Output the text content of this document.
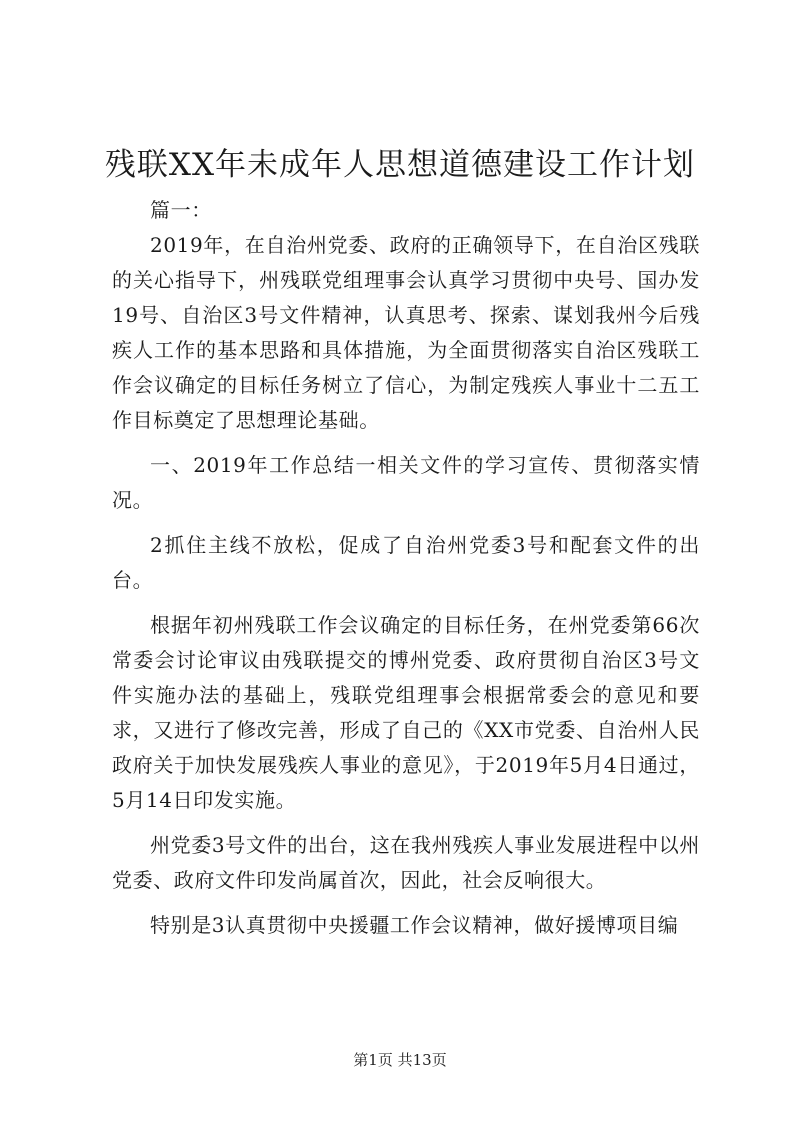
残联XX年未成年人思想道德建设工作计划

篇一：

2019年，在自治州党委、政府的正确领导下，在自治区残联的关心指导下，州残联党组理事会认真学习贯彻中央号、国办发19号、自治区3号文件精神，认真思考、探索、谋划我州今后残疾人工作的基本思路和具体措施，为全面贯彻落实自治区残联工作会议确定的目标任务树立了信心，为制定残疾人事业十二五工作目标奠定了思想理论基础。

一、2019年工作总结一相关文件的学习宣传、贯彻落实情况。

2抓住主线不放松，促成了自治州党委3号和配套文件的出台。

根据年初州残联工作会议确定的目标任务，在州党委第66次常委会讨论审议由残联提交的博州党委、政府贯彻自治区3号文件实施办法的基础上，残联党组理事会根据常委会的意见和要求，又进行了修改完善，形成了自己的《XX市党委、自治州人民政府关于加快发展残疾人事业的意见》，于2019年5月4日通过，5月14日印发实施。

州党委3号文件的出台，这在我州残疾人事业发展进程中以州党委、政府文件印发尚属首次，因此，社会反响很大。

特别是3认真贯彻中央援疆工作会议精神，做好援博项目编

第1页 共13页
